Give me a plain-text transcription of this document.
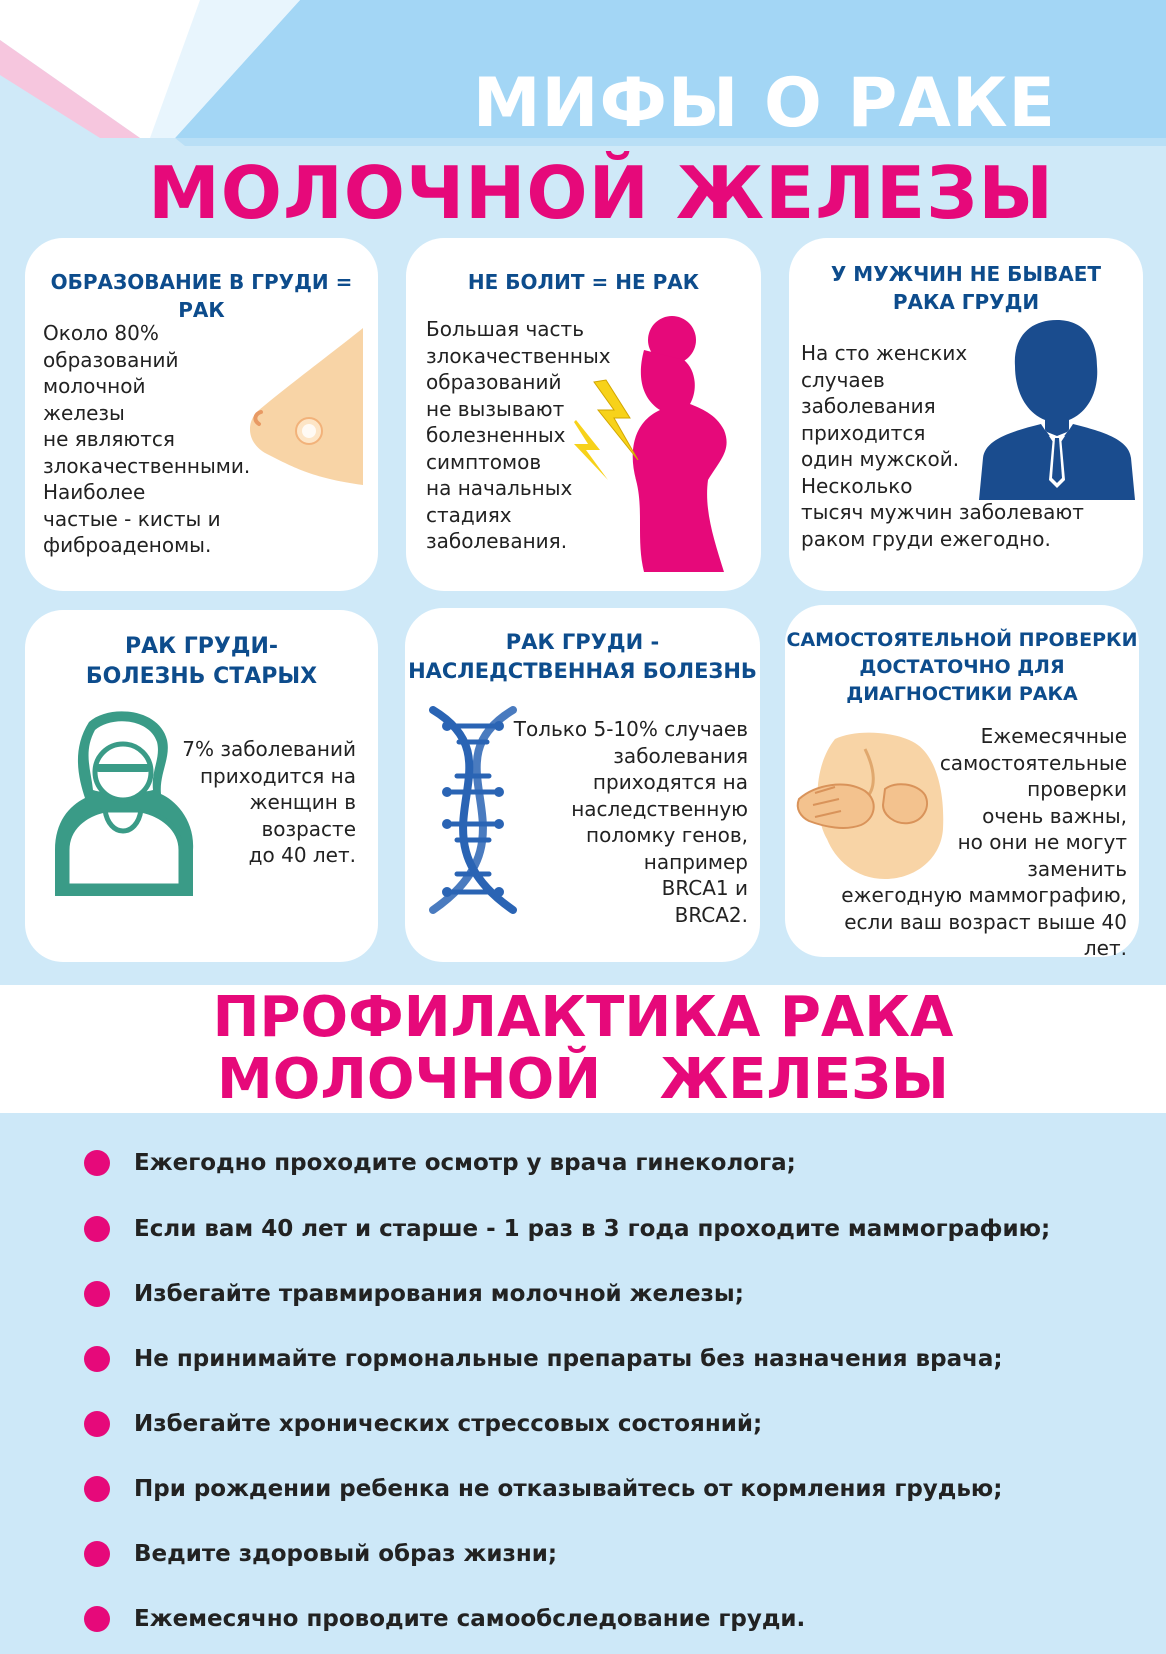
МИФЫ О РАКЕ
МОЛОЧНОЙ ЖЕЛЕЗЫ
ОБРАЗОВАНИЕ В ГРУДИ = РАК
Около 80%
образований
молочной
железы
не являются
злокачественными.
Наиболее
частые - кисты и
фиброаденомы.
НЕ БОЛИТ = НЕ РАК
Большая часть
злокачественных
образований
не вызывают
болезненных
симптомов
на начальных
стадиях
заболевания.
У МУЖЧИН НЕ БЫВАЕТ
РАКА ГРУДИ
На сто женских
случаев
заболевания
приходится
один мужской.
Несколько
тысяч мужчин заболевают
раком груди ежегодно.
РАК ГРУДИ-
БОЛЕЗНЬ СТАРЫХ
7% заболеваний
приходится на
женщин в
возрасте
до 40 лет.
РАК ГРУДИ -
НАСЛЕДСТВЕННАЯ БОЛЕЗНЬ
Только 5-10% случаев
заболевания
приходятся на
наследственную
поломку генов,
например
BRCA1 и
BRCA2.
САМОСТОЯТЕЛЬНОЙ ПРОВЕРКИ
ДОСТАТОЧНО ДЛЯ
ДИАГНОСТИКИ РАКА
Ежемесячные
самостоятельные
проверки
очень важны,
но они не могут
заменить
ежегодную маммографию,
если ваш возраст выше 40 лет.
ПРОФИЛАКТИКА РАКА
МОЛОЧНОЙ   ЖЕЛЕЗЫ
Ежегодно проходите осмотр у врача гинеколога;
Если вам 40 лет и старше - 1 раз в 3 года проходите маммографию;
Избегайте травмирования молочной железы;
Не принимайте гормональные препараты без назначения врача;
Избегайте хронических стрессовых состояний;
При рождении ребенка не отказывайтесь от кормления грудью;
Ведите здоровый образ жизни;
Ежемесячно проводите самообследование груди.
